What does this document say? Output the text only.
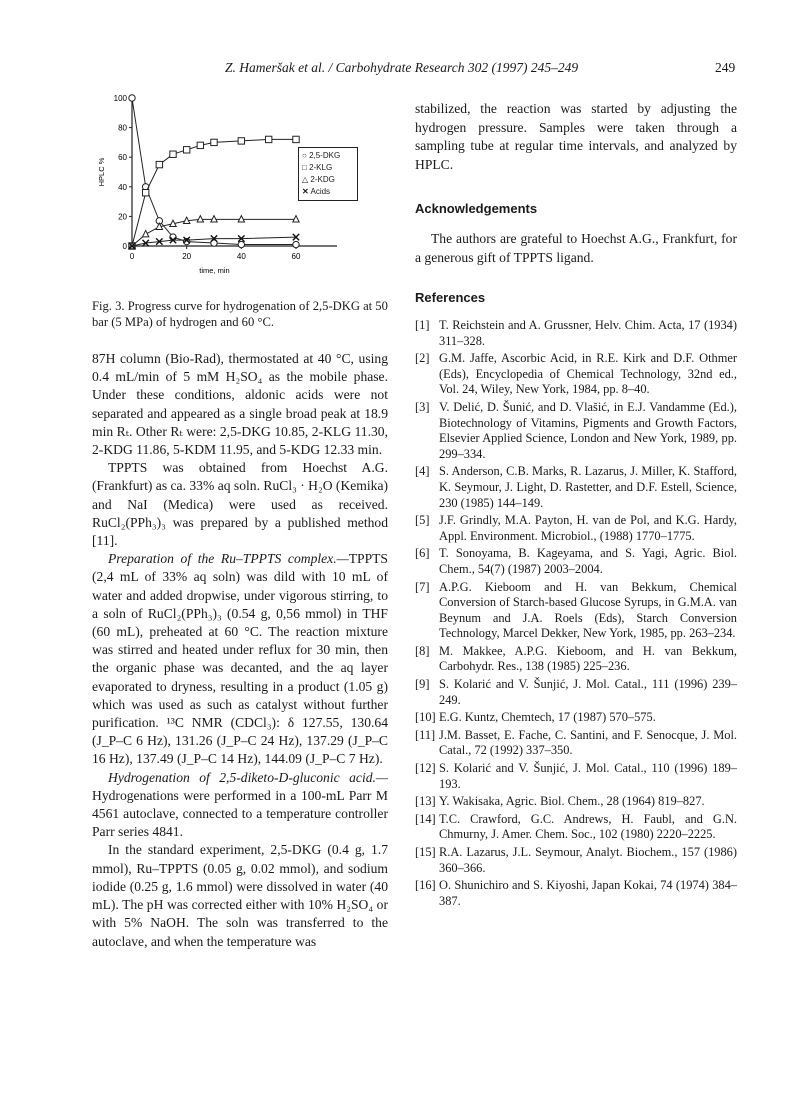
Z. Hameršak et al. / Carbohydrate Research 302 (1997) 245–249	249
0
20
40
60
80
100
0	20	40	60
time, min
HPLC %
○ 2,5-DKG
□ 2-KLG
△ 2-KDG
✕ Acids
Fig. 3. Progress curve for hydrogenation of 2,5-DKG at 50 bar (5 MPa) of hydrogen and 60 °C.

87H column (Bio-Rad), thermostated at 40 °C, using 0.4 mL/min of 5 mM H₂SO₄ as the mobile phase. Under these conditions, aldonic acids were not separated and appeared as a single broad peak at 18.9 min Rₜ. Other Rₜ were: 2,5-DKG 10.85, 2-KLG 11.30, 2-KDG 11.86, 5-KDM 11.95, and 5-KDG 12.33 min.

TPPTS was obtained from Hoechst A.G. (Frankfurt) as ca. 33% aq soln. RuCl₃ · H₂O (Kemika) and NaI (Medica) were used as received. RuCl₂(PPh₃)₃ was prepared by a published method [11].

Preparation of the Ru–TPPTS complex.—TPPTS (2,4 mL of 33% aq soln) was dild with 10 mL of water and added dropwise, under vigorous stirring, to a soln of RuCl₂(PPh₃)₃ (0.54 g, 0,56 mmol) in THF (60 mL), preheated at 60 °C. The reaction mixture was stirred and heated under reflux for 30 min, then the organic phase was decanted, and the aq layer evaporated to dryness, resulting in a product (1.05 g) which was used as such as catalyst without further purification. ¹³C NMR (CDCl₃): δ 127.55, 130.64 (J_P–C 6 Hz), 131.26 (J_P–C 24 Hz), 137.29 (J_P–C 16 Hz), 137.49 (J_P–C 14 Hz), 144.09 (J_P–C 7 Hz).

Hydrogenation of 2,5-diketo-D-gluconic acid.—Hydrogenations were performed in a 100-mL Parr M 4561 autoclave, connected to a temperature controller Parr series 4841.

In the standard experiment, 2,5-DKG (0.4 g, 1.7 mmol), Ru–TPPTS (0.05 g, 0.02 mmol), and sodium iodide (0.25 g, 1.6 mmol) were dissolved in water (40 mL). The pH was corrected either with 10% H₂SO₄ or with 5% NaOH. The soln was transferred to the autoclave, and when the temperature was

stabilized, the reaction was started by adjusting the hydrogen pressure. Samples were taken through a sampling tube at regular time intervals, and analyzed by HPLC.

Acknowledgements
The authors are grateful to Hoechst A.G., Frankfurt, for a generous gift of TPPTS ligand.
References
[1] T. Reichstein and A. Grussner, Helv. Chim. Acta, 17 (1934) 311–328.
[2] G.M. Jaffe, Ascorbic Acid, in R.E. Kirk and D.F. Othmer (Eds), Encyclopedia of Chemical Technology, 32nd ed., Vol. 24, Wiley, New York, 1984, pp. 8–40.
[3] V. Delić, D. Šunić, and D. Vlašić, in E.J. Vandamme (Ed.), Biotechnology of Vitamins, Pigments and Growth Factors, Elsevier Applied Science, London and New York, 1989, pp. 299–334.
[4] S. Anderson, C.B. Marks, R. Lazarus, J. Miller, K. Stafford, K. Seymour, J. Light, D. Rastetter, and D.F. Estell, Science, 230 (1985) 144–149.
[5] J.F. Grindly, M.A. Payton, H. van de Pol, and K.G. Hardy, Appl. Environment. Microbiol., (1988) 1770–1775.
[6] T. Sonoyama, B. Kageyama, and S. Yagi, Agric. Biol. Chem., 54(7) (1987) 2003–2004.
[7] A.P.G. Kieboom and H. van Bekkum, Chemical Conversion of Starch-based Glucose Syrups, in G.M.A. van Beynum and J.A. Roels (Eds), Starch Conversion Technology, Marcel Dekker, New York, 1985, pp. 263–234.
[8] M. Makkee, A.P.G. Kieboom, and H. van Bekkum, Carbohydr. Res., 138 (1985) 225–236.
[9] S. Kolarić and V. Šunjić, J. Mol. Catal., 111 (1996) 239–249.
[10] E.G. Kuntz, Chemtech, 17 (1987) 570–575.
[11] J.M. Basset, E. Fache, C. Santini, and F. Senocque, J. Mol. Catal., 72 (1992) 337–350.
[12] S. Kolarić and V. Šunjić, J. Mol. Catal., 110 (1996) 189–193.
[13] Y. Wakisaka, Agric. Biol. Chem., 28 (1964) 819–827.
[14] T.C. Crawford, G.C. Andrews, H. Faubl, and G.N. Chmurny, J. Amer. Chem. Soc., 102 (1980) 2220–2225.
[15] R.A. Lazarus, J.L. Seymour, Analyt. Biochem., 157 (1986) 360–366.
[16] O. Shunichiro and S. Kiyoshi, Japan Kokai, 74 (1974) 384–387.
